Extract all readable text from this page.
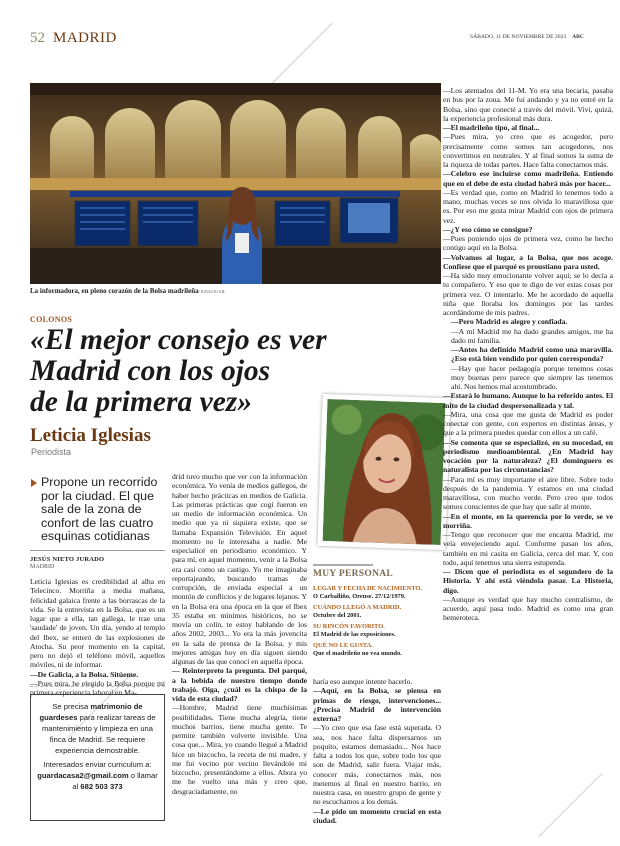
52 MADRID	SÁBADO, 11 DE NOVIEMBRE DE 2023 ABC
La informadora, en pleno corazón de la Bolsa madrileña/ IGNACIO GIL
COLONOS
«El mejor consejo es ver
Madrid con los ojos
de la primera vez»
Leticia Iglesias
Periodista
Propone un recorrido por la ciudad. El que sale de la zona de confort de las cuatro esquinas cotidianas
JESÚS NIETO JURADO
MADRID

Leticia Iglesias es credibilidad al alba en Telecinco. Morriña a media mañana, felicidad galaica frente a las borrascas de la vida. Se la entrevista en la Bolsa, que es un lugar que a ella, tan gallega, le trae una 'saudade' de joven. Un día, yendo al templo del Ibex, se enteró de las explosiones de Atocha. Su peor momento en la capital, pero no dejó el teléfono móvil, aquellos móviles, ni de informar.

—De Galicia, a la Bolsa. Sitúeme.

—Pues mira, he elegido la Bolsa porque mi primera experiencia laboral en Ma-

Se precisa matrimonio de guardeses para realizar tareas de mantenimiento y limpieza en una finca de Madrid. Se requiere experiencia demostrable.
Interesados enviar curriculum a:
guardacasa2@gmail.com o llamar al 682 503 373

drid tuvo mucho que ver con la información económica. Yo venía de medios gallegos, de haber hecho prácticas en medios de Galicia. Las primeras prácticas que cogí fueron en un medio de información económica. Un medio que ya ni siquiera existe, que se llamaba Expansión Televisión. En aquel momento no le interesaba a nadie. Me especialicé en periodismo económico. Y para mí, en aquel momento, venir a la Bolsa era casi como un castigo. Yo me imaginaba reportajeando, buscando tramas de corrupción, de enviada especial a un montón de conflictos y de lugares lejanos. Y en la Bolsa era una época en la que el Ibex 35 estaba en mínimos históricos, no se movía un colín, te estoy hablando de los años 2002, 2003... Yo era la más jovencita en la sala de prensa de la Bolsa, y mis mejores amigas hoy en día siguen siendo algunas de las que conocí en aquella época.

— Reinterpreto la pregunta. Del parqué, a la bebida de nuestro tiempo donde trabajó. Oiga, ¿cuál es la chispa de la vida de esta ciudad?

—Hombre, Madrid tiene muchísimas posibilidades. Tiene mucha alegría, tiene muchos barrios, tiene mucha gente. Te permite también volverte invisible. Una cosa que... Mira, yo cuando llegué a Madrid hice un bizcocho, la receta de mi madre, y me fui vecino por vecino llevándole mi bizcocho, presentándome a ellos. Ahora yo me he vuelto una más y creo que, desgraciadamente, no

MUY PERSONAL
LUGAR Y FECHA DE NACIMIENTO.
O Carballiño, Orense. 27/12/1979.
CUÁNDO LLEGÓ A MADRID.
Octubre del 2001.
SU RINCÓN FAVORITO.
El Madrid de las exposiciones.
QUÉ NO LE GUSTA.
Que el madrileño no vea mundo.

haría eso aunque intente hacerlo.

—Aquí, en la Bolsa, se piensa en primas de riesgo, intervenciones... ¿Precisa Madrid de intervención externa?

—Yo creo que esa fase está superada. O sea, nos hace falta dispersarnos un poquito, estamos demasiado... Nos hace falta a todos los que, sobre todo los que son de Madrid, salir fuera. Viajar más, conocer más, conectarnos más, nos metemos al final en nuestro barrio, en nuestra casa, en nuestro grupo de gente y no escuchamos a los demás.

—Le pido un momento crucial en esta ciudad.

—Los atentados del 11-M. Yo era una becaria, pasaba en bus por la zona. Me fui andando y ya no entré en la Bolsa, sino que conecté a través del móvil. Viví, quizá, la experiencia profesional más dura.

—El madrileño tipo, al final...

—Pues mira, yo creo que es acogedor, pero precisamente como somos tan acogedores, nos convertimos en neutrales. Y al final somos la suma de la riqueza de todas partes. Hace falta conectarnos más.

—Celebro ese incluirse como madrileña. Entiendo que en el debe de esta ciudad habrá más por hacer...

—Es verdad que, como en Madrid lo tenemos todo a mano, muchas veces se nos olvida lo maravillosa que es. Por eso me gusta mirar Madrid con ojos de primera vez.

—¿Y eso cómo se consigue?

—Pues poniendo ojos de primera vez, como he hecho contigo aquí en la Bolsa.

—Volvamos al lugar, a la Bolsa, que nos acoge. Confiese que el parqué es proustiano para usted.

—Ha sido muy emocionante volver aquí; se lo decía a tu compañero. Y eso que te digo de ver estas cosas por primera vez. O intentarlo. Me he acordado de aquella niña que lloraba los domingos por las tardes acordándome de mis padres.

—Pero Madrid es alegre y confiada.

—A mí Madrid me ha dado grandes amigos, me ha dado mi familia.

—Antes ha definido Madrid como una maravilla. ¿Eso está bien vendido por quien corresponda?

—Hay que hacer pedagogía porque tenemos cosas muy buenas pero parece que siempre las tenemos ahí. Nos hemos mal acostumbrado.

—Estará lo humano. Aunque lo ha referido antes. El mito de la ciudad despersonalizada y tal.

—Mira, una cosa que me gusta de Madrid es poder conectar con gente, con expertos en distintas áreas, y que a la primera puedes quedar con ellos a un café.

—Se comenta que se especializó, en su mocedad, en periodismo medioambiental. ¿En Madrid hay vocación por la naturaleza? ¿El dominguero es naturalista por las circunstancias?

—Para mí es muy importante el aire libre. Sobre todo después de la pandemia. Y estamos en una ciudad maravillosa, con mucho verde. Pero creo que todos somos conscientes de que hay que salir al monte.

—En el monte, en la querencia por lo verde, se ve morriña.

—Tengo que reconocer que me encanta Madrid, me veía envejeciendo aquí. Conforme pasan los años, también en mi casita en Galicia, cerca del mar. Y, con todo, aquí tenemos una sierra estupenda.

— Dicen que el periodista es el segundero de la Historia. Y ahí está viéndola pasar. La Historia, digo.

—Aunque es verdad que hay mucho centralismo, de acuerdo, aquí pasa todo. Madrid es como una gran hemeroteca.
